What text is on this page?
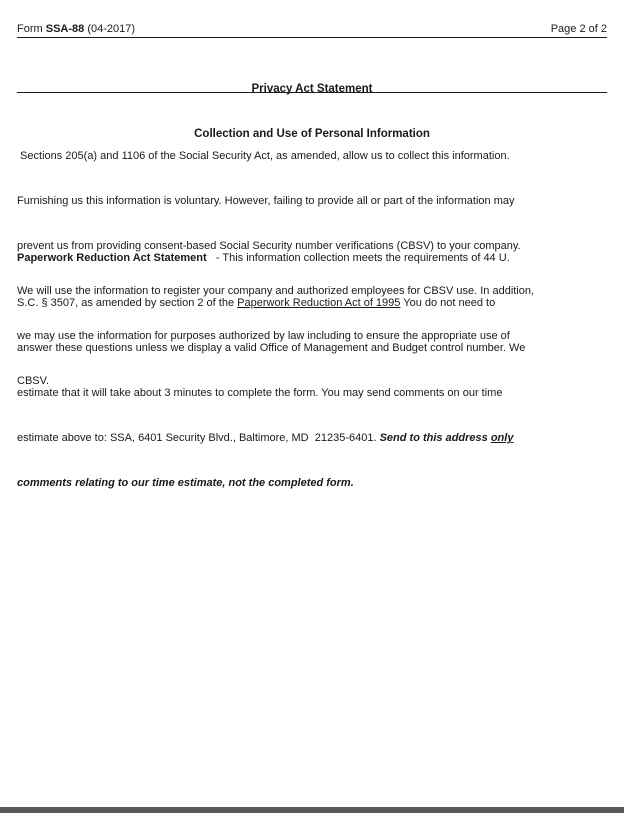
Form SSA-88 (04-2017)	Page 2 of 2

Privacy Act Statement

Collection and Use of Personal Information

Sections 205(a) and 1106 of the Social Security Act, as amended, allow us to collect this information.

Furnishing us this information is voluntary. However, failing to provide all or part of the information may

prevent us from providing consent-based Social Security number verifications (CBSV) to your company.

We will use the information to register your company and authorized employees for CBSV use. In addition,

we may use the information for purposes authorized by law including to ensure the appropriate use of

CBSV.

Paperwork Reduction Act Statement   - This information collection meets the requirements of 44 U.

S.C. § 3507, as amended by section 2 of the Paperwork Reduction Act of 1995 You do not need to

answer these questions unless we display a valid Office of Management and Budget control number. We

estimate that it will take about 3 minutes to complete the form. You may send comments on our time

estimate above to: SSA, 6401 Security Blvd., Baltimore, MD  21235-6401. Send to this address only

comments relating to our time estimate, not the completed form.
